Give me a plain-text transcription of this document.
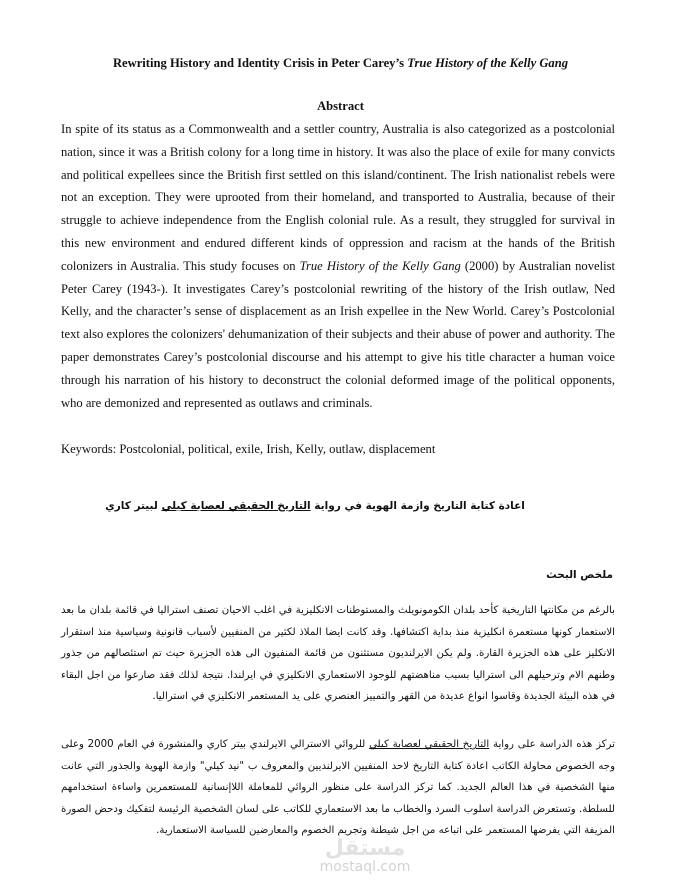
Rewriting History and Identity Crisis in Peter Carey’s True History of the Kelly Gang
Abstract

In spite of its status as a Commonwealth and a settler country, Australia is also categorized as a postcolonial nation, since it was a British colony for a long time in history. It was also the place of exile for many convicts and political expellees since the British first settled on this island/continent. The Irish nationalist rebels were not an exception. They were uprooted from their homeland, and transported to Australia, because of their struggle to achieve independence from the English colonial rule. As a result, they struggled for survival in this new environment and endured different kinds of oppression and racism at the hands of the British colonizers in Australia. This study focuses on True History of the Kelly Gang (2000) by Australian novelist Peter Carey (1943-). It investigates Carey’s postcolonial rewriting of the history of the Irish outlaw, Ned Kelly, and the character’s sense of displacement as an Irish expellee in the New World. Carey’s Postcolonial text also explores the colonizers' dehumanization of their subjects and their abuse of power and authority. The paper demonstrates Carey’s postcolonial discourse and his attempt to give his title character a human voice through his narration of his history to deconstruct the colonial deformed image of the political opponents, who are demonized and represented as outlaws and criminals.

Keywords: Postcolonial, political, exile, Irish, Kelly, outlaw, displacement

اعادة كتابة التاريخ وازمة الهوية في رواية التاريخ الحقيقي لعصابة كيلي لبيتر كاري
ملخص البحث

بالرغم من مكانتها التاريخية كأحد بلدان الكومونويلث والمستوطنات الانكليزية في اغلب الاحيان تصنف استراليا في قائمة بلدان ما بعد الاستعمار كونها مستعمرة انكليزية منذ بداية اكتشافها. وقد كانت ايضا الملاذ لكثير من المنفيين لأسباب قانونية وسياسية منذ استقرار الانكليز على هذه الجزيرة القارة. ولم يكن الايرلنديون مستثنون من قائمة المنفيون الى هذه الجزيرة حيث تم استئصالهم من جذور وطنهم الام وترحيلهم الى استراليا بسبب مناهضتهم للوجود الاستعماري الانكليزي في ايرلندا. نتيجة لذلك فقد صارعوا من اجل البقاء في هذه البيئة الجديدة وقاسوا انواع عديدة من القهر والتمييز العنصري على يد المستعمر الانكليزي في استراليا.

تركز هذه الدراسة على رواية التاريخ الحقيقي لعصابة كيلي للروائي الاسترالي الايرلندي بيتر كاري والمنشورة في العام 2000 وعلى وجه الخصوص محاولة الكاتب اعادة كتابة التاريخ لاحد المنفيين الايرلنديين والمعروف ب "نيد كيلي" وازمة الهوية والجذور التي عانت منها الشخصية في هذا العالم الجديد. كما تركز الدراسة على منظور الروائي للمعاملة اللاإنسانية للمستعمرين واساءة استخدامهم للسلطة. وتستعرض الدراسة اسلوب السرد والخطاب ما بعد الاستعماري للكاتب على لسان الشخصية الرئيسة لتفكيك ودحض الصورة المزيفة التي يفرضها المستعمر على اتباعه من اجل شيطنة وتجريم الخصوم والمعارضين للسياسة الاستعمارية.

مستقل
mostaql.com
